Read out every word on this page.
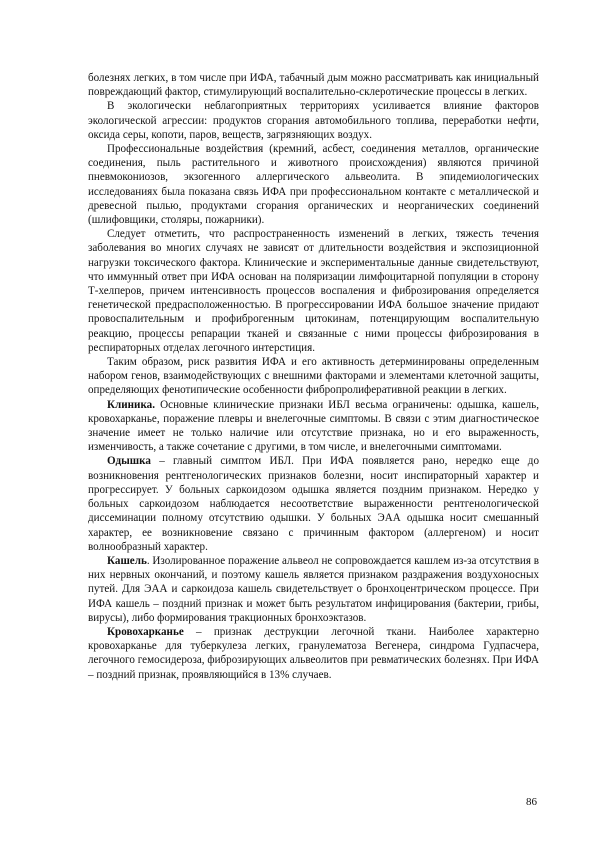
болезнях легких, в том числе при ИФА, табачный дым можно рассматривать как инициальный повреждающий фактор, стимулирующий воспалительно-склеротические процессы в легких.

В экологически неблагоприятных территориях усиливается влияние факторов экологической агрессии: продуктов сгорания автомобильного топлива, переработки нефти, оксида серы, копоти, паров, веществ, загрязняющих воздух.

Профессиональные воздействия (кремний, асбест, соединения металлов, органические соединения, пыль растительного и животного происхождения) являются причиной пневмокониозов, экзогенного аллергического альвеолита. В эпидемиологических исследованиях была показана связь ИФА при профессиональном контакте с металлической и древесной пылью, продуктами сгорания органических и неорганических соединений (шлифовщики, столяры, пожарники).

Следует отметить, что распространенность изменений в легких, тяжесть течения заболевания во многих случаях не зависят от длительности воздействия и экспозиционной нагрузки токсического фактора. Клинические и экспериментальные данные свидетельствуют, что иммунный ответ при ИФА основан на поляризации лимфоцитарной популяции в сторону Т-хелперов, причем интенсивность процессов воспаления и фиброзирования определяется генетической предрасположенностью. В прогрессировании ИФА большое значение придают провоспалительным и профиброгенным цитокинам, потенцирующим воспалительную реакцию, процессы репарации тканей и связанные с ними процессы фиброзирования в респираторных отделах легочного интерстиция.

Таким образом, риск развития ИФА и его активность детерминированы определенным набором генов, взаимодействующих с внешними факторами и элементами клеточной защиты, определяющих фенотипические особенности фибропролиферативной реакции в легких.

Клиника. Основные клинические признаки ИБЛ весьма ограничены: одышка, кашель, кровохарканье, поражение плевры и внелегочные симптомы. В связи с этим диагностическое значение имеет не только наличие или отсутствие признака, но и его выраженность, изменчивость, а также сочетание с другими, в том числе, и внелегочными симптомами.

Одышка – главный симптом ИБЛ. При ИФА появляется рано, нередко еще до возникновения рентгенологических признаков болезни, носит инспираторный характер и прогрессирует. У больных саркоидозом одышка является поздним признаком. Нередко у больных саркоидозом наблюдается несоответствие выраженности рентгенологической диссеминации полному отсутствию одышки. У больных ЭАА одышка носит смешанный характер, ее возникновение связано с причинным фактором (аллергеном) и носит волнообразный характер.

Кашель. Изолированное поражение альвеол не сопровождается кашлем из-за отсутствия в них нервных окончаний, и поэтому кашель является признаком раздражения воздухоносных путей. Для ЭАА и саркоидоза кашель свидетельствует о бронхоцентрическом процессе. При ИФА кашель – поздний признак и может быть результатом инфицирования (бактерии, грибы, вирусы), либо формирования тракционных бронхоэктазов.

Кровохарканье – признак деструкции легочной ткани. Наиболее характерно кровохарканье для туберкулеза легких, гранулематоза Вегенера, синдрома Гудпасчера, легочного гемосидероза, фиброзирующих альвеолитов при ревматических болезнях. При ИФА – поздний признак, проявляющийся в 13% случаев.

86
